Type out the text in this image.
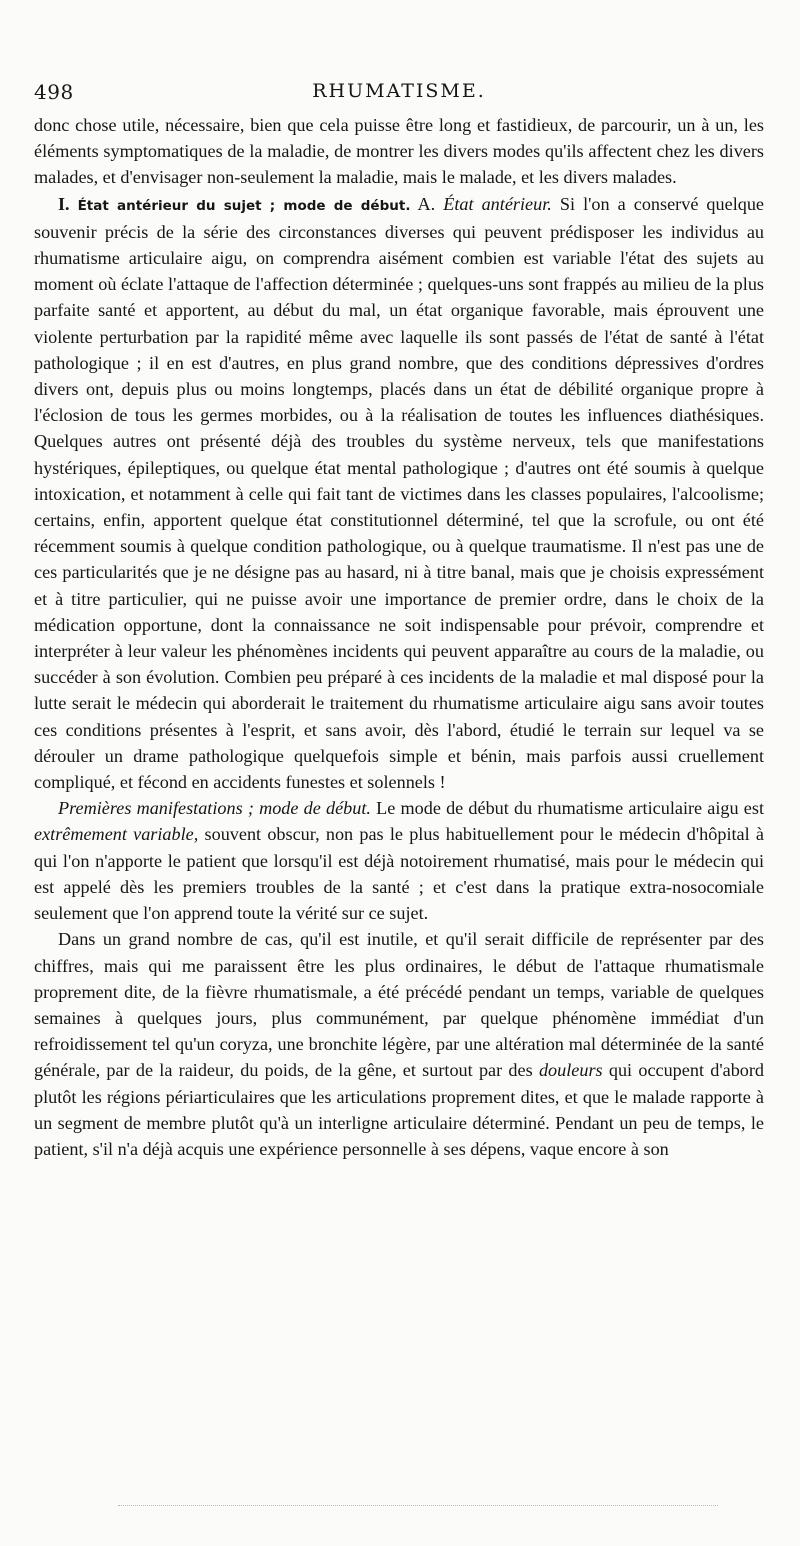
498	RHUMATISME.

donc chose utile, nécessaire, bien que cela puisse être long et fastidieux, de parcourir, un à un, les éléments symptomatiques de la maladie, de montrer les divers modes qu'ils affectent chez les divers malades, et d'envisager non-seulement la maladie, mais le malade, et les divers malades.

I. État antérieur du sujet ; mode de début. A. État antérieur. Si l'on a conservé quelque souvenir précis de la série des circonstances diverses qui peuvent prédisposer les individus au rhumatisme articulaire aigu, on comprendra aisément combien est variable l'état des sujets au moment où éclate l'attaque de l'affection déterminée ; quelques-uns sont frappés au milieu de la plus parfaite santé et apportent, au début du mal, un état organique favorable, mais éprouvent une violente perturbation par la rapidité même avec laquelle ils sont passés de l'état de santé à l'état pathologique ; il en est d'autres, en plus grand nombre, que des conditions dépressives d'ordres divers ont, depuis plus ou moins longtemps, placés dans un état de débilité organique propre à l'éclosion de tous les germes morbides, ou à la réalisation de toutes les influences diathésiques. Quelques autres ont présenté déjà des troubles du système nerveux, tels que manifestations hystériques, épileptiques, ou quelque état mental pathologique ; d'autres ont été soumis à quelque intoxication, et notamment à celle qui fait tant de victimes dans les classes populaires, l'alcoolisme; certains, enfin, apportent quelque état constitutionnel déterminé, tel que la scrofule, ou ont été récemment soumis à quelque condition pathologique, ou à quelque traumatisme. Il n'est pas une de ces particularités que je ne désigne pas au hasard, ni à titre banal, mais que je choisis expressément et à titre particulier, qui ne puisse avoir une importance de premier ordre, dans le choix de la médication opportune, dont la connaissance ne soit indispensable pour prévoir, comprendre et interpréter à leur valeur les phénomènes incidents qui peuvent apparaître au cours de la maladie, ou succéder à son évolution. Combien peu préparé à ces incidents de la maladie et mal disposé pour la lutte serait le médecin qui aborderait le traitement du rhumatisme articulaire aigu sans avoir toutes ces conditions présentes à l'esprit, et sans avoir, dès l'abord, étudié le terrain sur lequel va se dérouler un drame pathologique quelquefois simple et bénin, mais parfois aussi cruellement compliqué, et fécond en accidents funestes et solennels !

Premières manifestations ; mode de début. Le mode de début du rhumatisme articulaire aigu est extrêmement variable, souvent obscur, non pas le plus habituellement pour le médecin d'hôpital à qui l'on n'apporte le patient que lorsqu'il est déjà notoirement rhumatisé, mais pour le médecin qui est appelé dès les premiers troubles de la santé ; et c'est dans la pratique extra-nosocomiale seulement que l'on apprend toute la vérité sur ce sujet.

Dans un grand nombre de cas, qu'il est inutile, et qu'il serait difficile de représenter par des chiffres, mais qui me paraissent être les plus ordinaires, le début de l'attaque rhumatismale proprement dite, de la fièvre rhumatismale, a été précédé pendant un temps, variable de quelques semaines à quelques jours, plus communément, par quelque phénomène immédiat d'un refroidissement tel qu'un coryza, une bronchite légère, par une altération mal déterminée de la santé générale, par de la raideur, du poids, de la gêne, et surtout par des douleurs qui occupent d'abord plutôt les régions périarticulaires que les articulations proprement dites, et que le malade rapporte à un segment de membre plutôt qu'à un interligne articulaire déterminé. Pendant un peu de temps, le patient, s'il n'a déjà acquis une expérience personnelle à ses dépens, vaque encore à son
